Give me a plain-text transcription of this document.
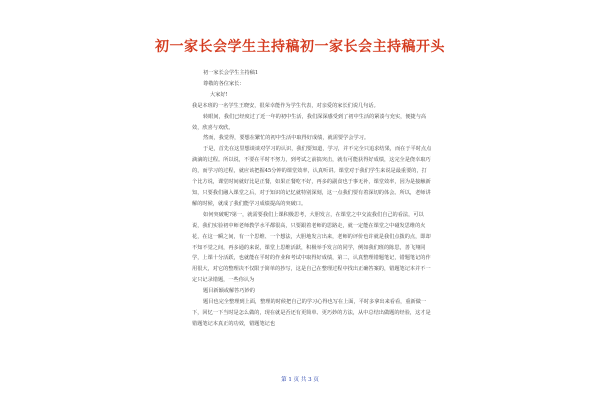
初一家长会学生主持稿初一家长会主持稿开头

初一家长会学生主持稿1

尊敬的各位家长：

大家好!

我是本班的一名学生王晓安，很荣幸能作为学生代表，对亲爱的家长们说几句话。

转眼间，我们已经度过了近一年的初中生活，我们深深感受到了初中生活的紧凑与充实，便捷与高效，欣喜与欢欣。

然而，我觉得，要想在繁忙的初中生活中取得好成绩，就需要学会学习。

于是，首先在这里想谈谈对学习的认识，我们要知道，学习，并不完全只追求结果，而在于平时点点滴滴的过程。所以说，不要在平时不努力，到考试之前搞突击，就有可能获得好成绩，这完全是侥幸取巧的，而学习的过程，就应该把握45分钟的课堂效率，认真听讲。课堂对于我们学生来说是最重要的，打个比方说，课堂时间就好比是正餐，如果正餐吃不好，再多的副食也于事无补，课堂效率，因为是接触新知，只要我们融入课堂之后，对于知识的记忆就特别深刻，这一点我们要有着深切的体会。所以，老师讲解的时候，就成了我们能学习成绩提高的突破口。

如何突破呢?第一，就需要我们上课积极思考，大胆发言，在课堂之中交流我们自己的看法，可以说，我们实验初中师老师教学水平都很高，只要跟着老师的思路走，就一定能在课堂之中碰发思维的火花，在这一瞬之间，有一个思维、一个想法，大胆地发言出来，老师的评价也许就是我们点拨的点，即却不知不觉之间，再多通的来说，课堂上思维活跃，积极举手发言的同学，例如我们班的陈思，善飞翔同学，上课十分活跃，也就能在平时的作业和考试中取得好成绩，第二，认真整理错题笔记，错题笔记的作用很大，对它的整理决不仅限于简单的抄写，这是自己在整理过程中找出正确答案的，错题笔记本并不一定只记录错题，一些你认为

题目新颖或解答巧妙的

题目也完全整理到上面，整理的时候把自己的学习心得也写在上面，平时多拿出来看看，重新做一下，回忆一下当时是怎么做的，现在就是否还有更简单、更巧妙的方法，从中总结出做题的经验，这才是错题笔记本真正的功效，错题笔记也

第 1 页 共 3 页
